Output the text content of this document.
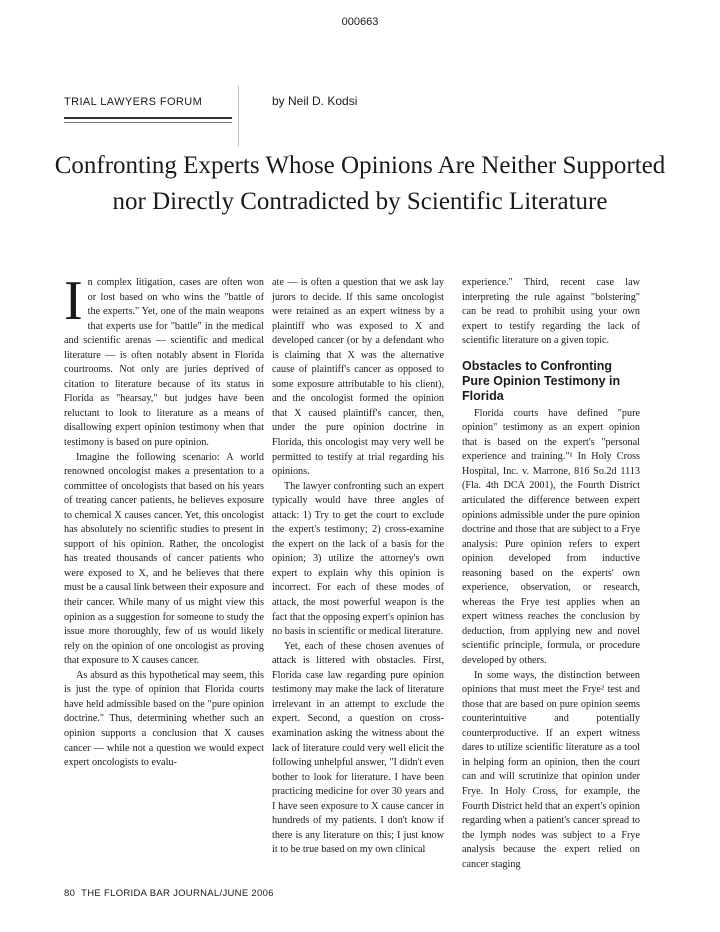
000663
TRIAL LAWYERS FORUM	by Neil D. Kodsi
Confronting Experts Whose Opinions Are Neither Supported nor Directly Contradicted by Scientific Literature
I n complex litigation, cases are often won or lost based on who wins the "battle of the experts." Yet, one of the main weapons that experts use for "battle" in the medical and scientific arenas — scientific and medical literature — is often notably absent in Florida courtrooms. Not only are juries deprived of citation to literature because of its status in Florida as "hearsay," but judges have been reluctant to look to literature as a means of disallowing expert opinion testimony when that testimony is based on pure opinion.

Imagine the following scenario: A world renowned oncologist makes a presentation to a committee of oncologists that based on his years of treating cancer patients, he believes exposure to chemical X causes cancer. Yet, this oncologist has absolutely no scientific studies to present in support of his opinion. Rather, the oncologist has treated thousands of cancer patients who were exposed to X, and he believes that there must be a causal link between their exposure and their cancer. While many of us might view this opinion as a suggestion for someone to study the issue more thoroughly, few of us would likely rely on the opinion of one oncologist as proving that exposure to X causes cancer.

As absurd as this hypothetical may seem, this is just the type of opinion that Florida courts have held admissible based on the "pure opinion doctrine." Thus, determining whether such an opinion supports a conclusion that X causes cancer — while not a question we would expect expert oncologists to evalu-

ate — is often a question that we ask lay jurors to decide. If this same oncologist were retained as an expert witness by a plaintiff who was exposed to X and developed cancer (or by a defendant who is claiming that X was the alternative cause of plaintiff's cancer as opposed to some exposure attributable to his client), and the oncologist formed the opinion that X caused plaintiff's cancer, then, under the pure opinion doctrine in Florida, this oncologist may very well be permitted to testify at trial regarding his opinions.

The lawyer confronting such an expert typically would have three angles of attack: 1) Try to get the court to exclude the expert's testimony; 2) cross-examine the expert on the lack of a basis for the opinion; 3) utilize the attorney's own expert to explain why this opinion is incorrect. For each of these modes of attack, the most powerful weapon is the fact that the opposing expert's opinion has no basis in scientific or medical literature.

Yet, each of these chosen avenues of attack is littered with obstacles. First, Florida case law regarding pure opinion testimony may make the lack of literature irrelevant in an attempt to exclude the expert. Second, a question on cross-examination asking the witness about the lack of literature could very well elicit the following unhelpful answer, "I didn't even bother to look for literature. I have been practicing medicine for over 30 years and I have seen exposure to X cause cancer in hundreds of my patients. I don't know if there is any literature on this; I just know it to be true based on my own clinical

experience." Third, recent case law interpreting the rule against "bolstering" can be read to prohibit using your own expert to testify regarding the lack of scientific literature on a given topic.

Obstacles to Confronting Pure Opinion Testimony in Florida

Florida courts have defined "pure opinion" testimony as an expert opinion that is based on the expert's "personal experience and training."¹ In Holy Cross Hospital, Inc. v. Marrone, 816 So.2d 1113 (Fla. 4th DCA 2001), the Fourth District articulated the difference between expert opinions admissible under the pure opinion doctrine and those that are subject to a Frye analysis: Pure opinion refers to expert opinion developed from inductive reasoning based on the experts' own experience, observation, or research, whereas the Frye test applies when an expert witness reaches the conclusion by deduction, from applying new and novel scientific principle, formula, or procedure developed by others.

In some ways, the distinction between opinions that must meet the Frye² test and those that are based on pure opinion seems counterintuitive and potentially counterproductive. If an expert witness dares to utilize scientific literature as a tool in helping form an opinion, then the court can and will scrutinize that opinion under Frye. In Holy Cross, for example, the Fourth District held that an expert's opinion regarding when a patient's cancer spread to the lymph nodes was subject to a Frye analysis because the expert relied on cancer staging

80 THE FLORIDA BAR JOURNAL/JUNE 2006
